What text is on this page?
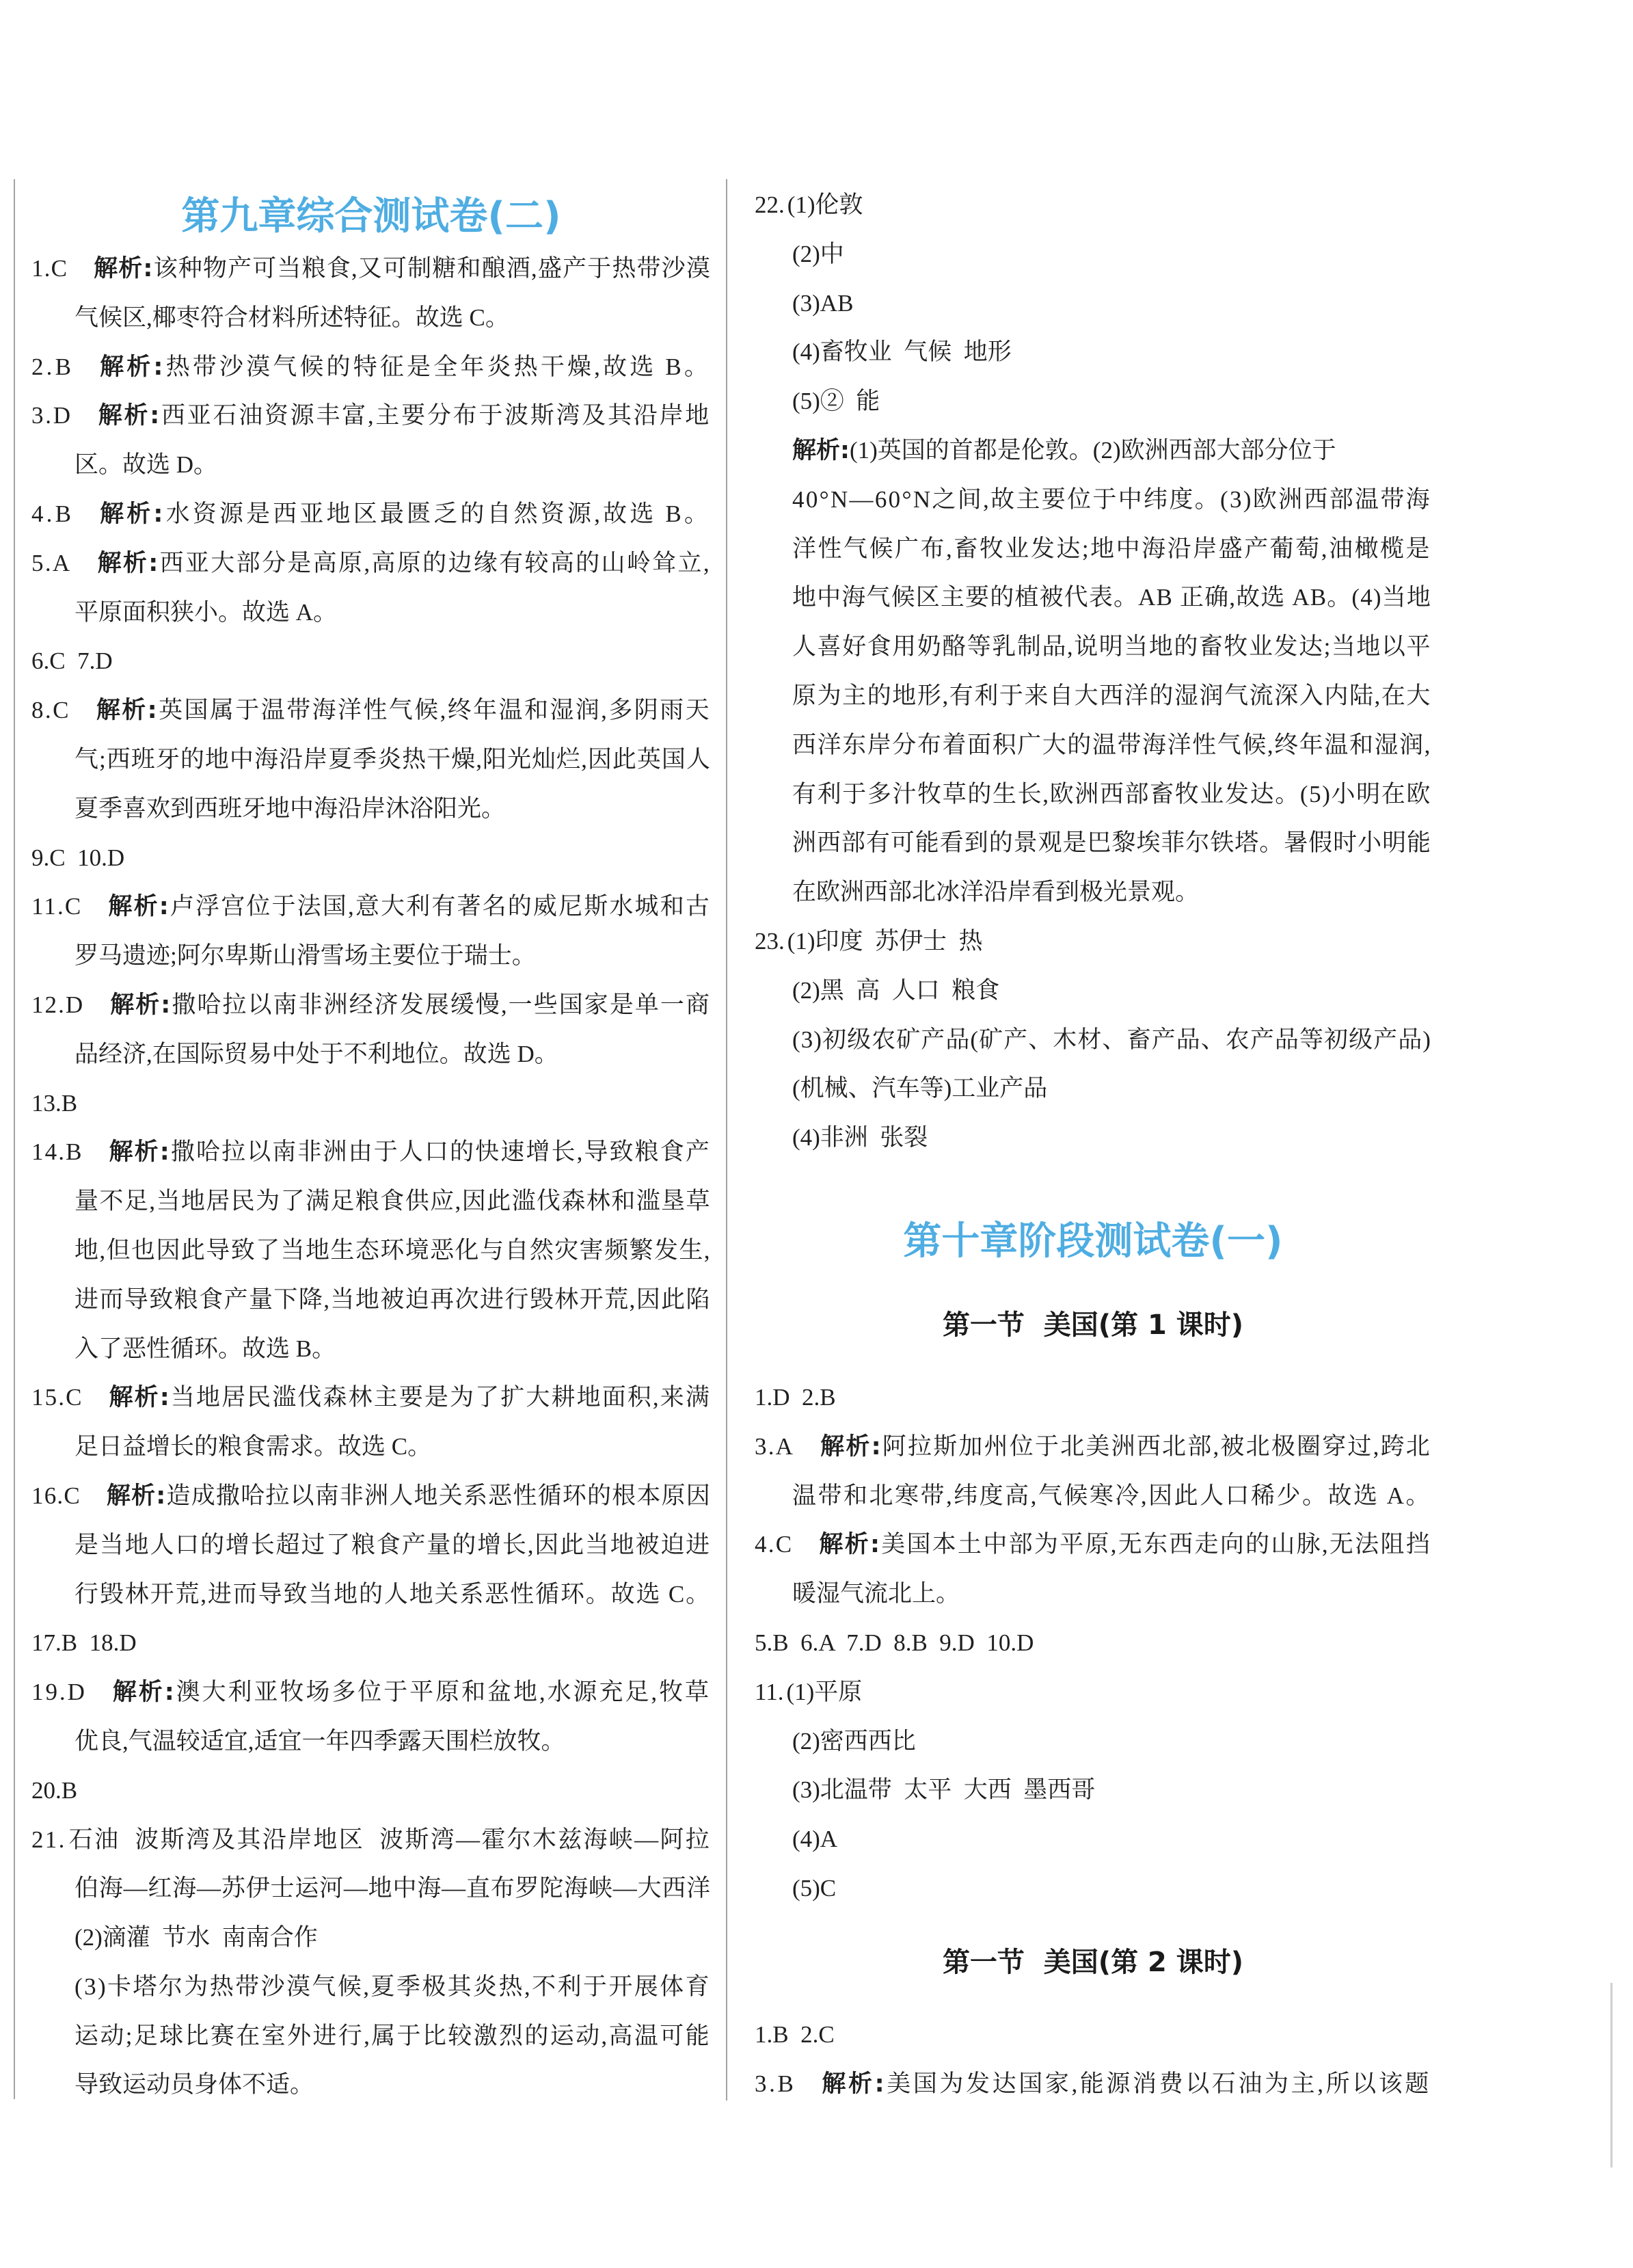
第九章综合测试卷(二)
1.C 解析:该种物产可当粮食,又可制糖和酿酒,盛产于热带沙漠
气候区,椰枣符合材料所述特征。故选 C。
2.B 解析:热带沙漠气候的特征是全年炎热干燥,故选 B。
3.D 解析:西亚石油资源丰富,主要分布于波斯湾及其沿岸地
区。故选 D。
4.B 解析:水资源是西亚地区最匮乏的自然资源,故选 B。
5.A 解析:西亚大部分是高原,高原的边缘有较高的山岭耸立,
平原面积狭小。故选 A。
6.C  7.D
8.C 解析:英国属于温带海洋性气候,终年温和湿润,多阴雨天
气;西班牙的地中海沿岸夏季炎热干燥,阳光灿烂,因此英国人
夏季喜欢到西班牙地中海沿岸沐浴阳光。
9.C  10.D
11.C 解析:卢浮宫位于法国,意大利有著名的威尼斯水城和古
罗马遗迹;阿尔卑斯山滑雪场主要位于瑞士。
12.D 解析:撒哈拉以南非洲经济发展缓慢,一些国家是单一商
品经济,在国际贸易中处于不利地位。故选 D。
13.B
14.B 解析:撒哈拉以南非洲由于人口的快速增长,导致粮食产
量不足,当地居民为了满足粮食供应,因此滥伐森林和滥垦草
地,但也因此导致了当地生态环境恶化与自然灾害频繁发生,
进而导致粮食产量下降,当地被迫再次进行毁林开荒,因此陷
入了恶性循环。故选 B。
15.C 解析:当地居民滥伐森林主要是为了扩大耕地面积,来满
足日益增长的粮食需求。故选 C。
16.C 解析:造成撒哈拉以南非洲人地关系恶性循环的根本原因
是当地人口的增长超过了粮食产量的增长,因此当地被迫进
行毁林开荒,进而导致当地的人地关系恶性循环。故选 C。
17.B  18.D
19.D 解析:澳大利亚牧场多位于平原和盆地,水源充足,牧草
优良,气温较适宜,适宜一年四季露天围栏放牧。
20.B
21. 石油  波斯湾及其沿岸地区  波斯湾—霍尔木兹海峡—阿拉
伯海—红海—苏伊士运河—地中海—直布罗陀海峡—大西洋
(2)滴灌  节水  南南合作
(3)卡塔尔为热带沙漠气候,夏季极其炎热,不利于开展体育
运动;足球比赛在室外进行,属于比较激烈的运动,高温可能
导致运动员身体不适。
22. (1)伦敦
(2)中
(3)AB
(4)畜牧业  气候  地形
(5)②  能
解析:(1)英国的首都是伦敦。(2)欧洲西部大部分位于
40°N—60°N之间,故主要位于中纬度。(3)欧洲西部温带海
洋性气候广布,畜牧业发达;地中海沿岸盛产葡萄,油橄榄是
地中海气候区主要的植被代表。AB 正确,故选 AB。(4)当地
人喜好食用奶酪等乳制品,说明当地的畜牧业发达;当地以平
原为主的地形,有利于来自大西洋的湿润气流深入内陆,在大
西洋东岸分布着面积广大的温带海洋性气候,终年温和湿润,
有利于多汁牧草的生长,欧洲西部畜牧业发达。(5)小明在欧
洲西部有可能看到的景观是巴黎埃菲尔铁塔。暑假时小明能
在欧洲西部北冰洋沿岸看到极光景观。
23. (1)印度  苏伊士  热
(2)黑  高  人口  粮食
(3)初级农矿产品(矿产、木材、畜产品、农产品等初级产品)
(机械、汽车等)工业产品
(4)非洲  张裂
第十章阶段测试卷(一)
第一节  美国(第 1 课时)
1.D  2.B
3.A 解析:阿拉斯加州位于北美洲西北部,被北极圈穿过,跨北
温带和北寒带,纬度高,气候寒冷,因此人口稀少。故选 A。
4.C 解析:美国本土中部为平原,无东西走向的山脉,无法阻挡
暖湿气流北上。
5.B  6.A  7.D  8.B  9.D  10.D
11. (1)平原
(2)密西西比
(3)北温带  太平  大西  墨西哥
(4)A
(5)C
第一节  美国(第 2 课时)
1.B  2.C
3.B 解析:美国为发达国家,能源消费以石油为主,所以该题
